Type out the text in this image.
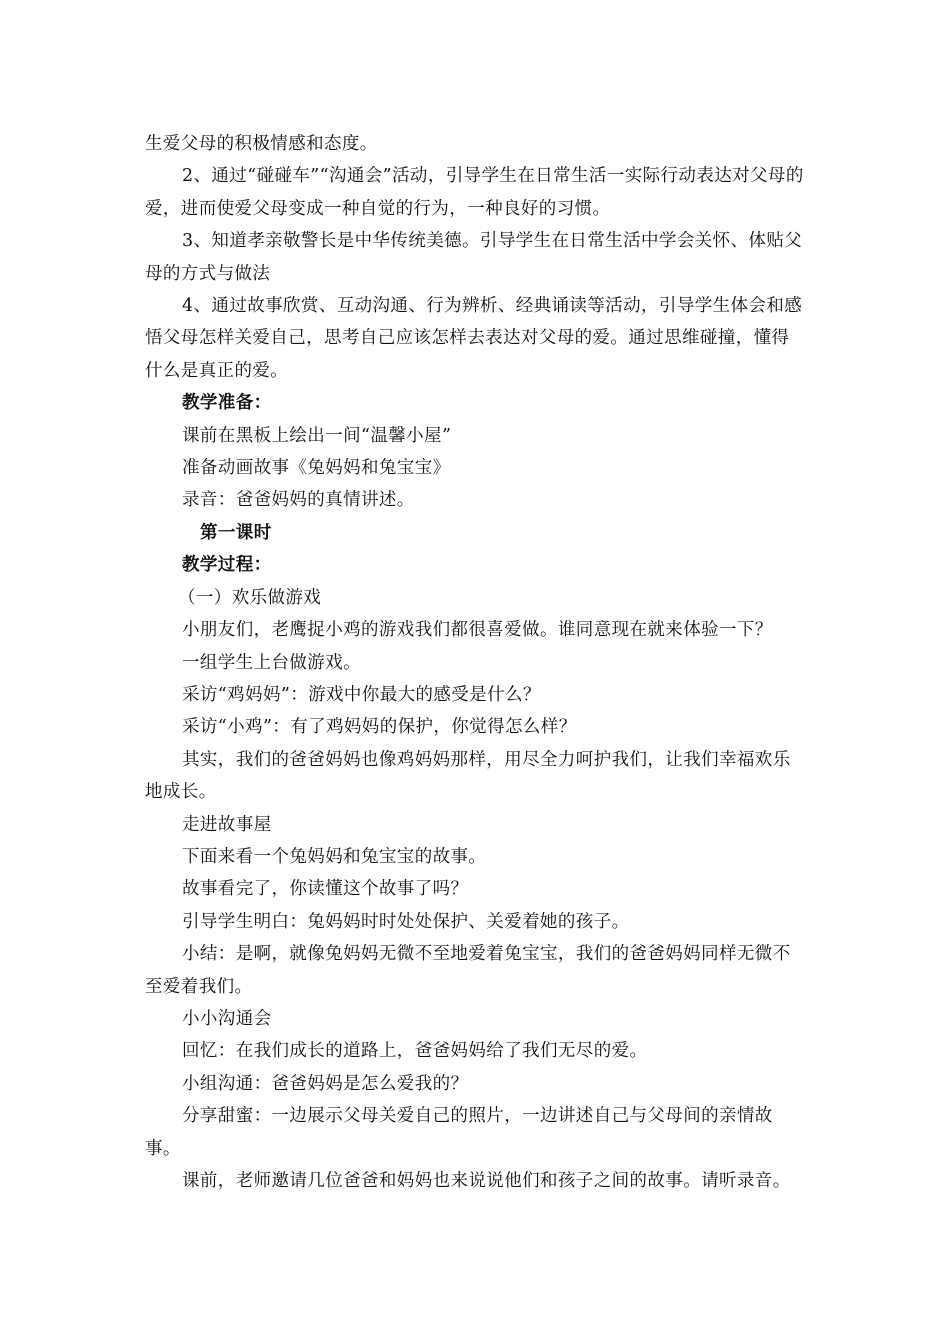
生爱父母的积极情感和态度。

2、通过“碰碰车”“沟通会”活动，引导学生在日常生活一实际行动表达对父母的爱，进而使爱父母变成一种自觉的行为，一种良好的习惯。

3、知道孝亲敬警长是中华传统美德。引导学生在日常生活中学会关怀、体贴父母的方式与做法

4、通过故事欣赏、互动沟通、行为辨析、经典诵读等活动，引导学生体会和感悟父母怎样关爱自己，思考自己应该怎样去表达对父母的爱。通过思维碰撞，懂得什么是真正的爱。

教学准备：

课前在黑板上绘出一间“温馨小屋”

准备动画故事《兔妈妈和兔宝宝》

录音：爸爸妈妈的真情讲述。

第一课时

教学过程：

（一）欢乐做游戏

小朋友们，老鹰捉小鸡的游戏我们都很喜爱做。谁同意现在就来体验一下？

一组学生上台做游戏。

采访“鸡妈妈”：游戏中你最大的感受是什么？

采访“小鸡”：有了鸡妈妈的保护，你觉得怎么样？

其实，我们的爸爸妈妈也像鸡妈妈那样，用尽全力呵护我们，让我们幸福欢乐地成长。

走进故事屋

下面来看一个兔妈妈和兔宝宝的故事。

故事看完了，你读懂这个故事了吗？

引导学生明白：兔妈妈时时处处保护、关爱着她的孩子。

小结：是啊，就像兔妈妈无微不至地爱着兔宝宝，我们的爸爸妈妈同样无微不至爱着我们。

小小沟通会

回忆：在我们成长的道路上，爸爸妈妈给了我们无尽的爱。

小组沟通：爸爸妈妈是怎么爱我的？

分享甜蜜：一边展示父母关爱自己的照片，一边讲述自己与父母间的亲情故事。

课前，老师邀请几位爸爸和妈妈也来说说他们和孩子之间的故事。请听录音。
